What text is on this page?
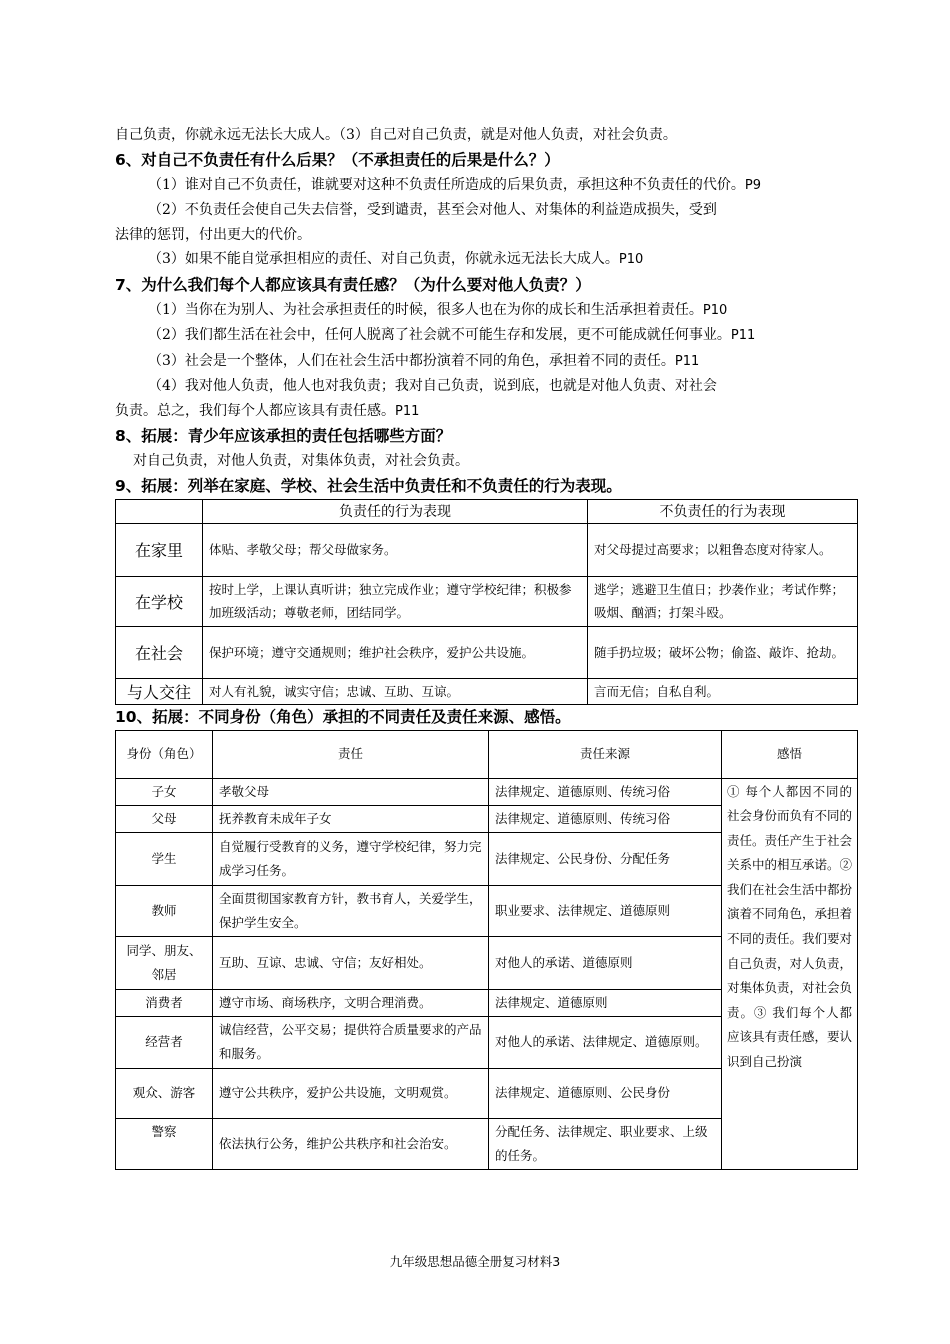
自己负责，你就永远无法长大成人。（3）自己对自己负责，就是对他人负责，对社会负责。
6、对自己不负责任有什么后果？（不承担责任的后果是什么？）
（1）谁对自己不负责任，谁就要对这种不负责任所造成的后果负责，承担这种不负责任的代价。P9
（2）不负责任会使自己失去信誉，受到谴责，甚至会对他人、对集体的利益造成损失，受到
法律的惩罚，付出更大的代价。
（3）如果不能自觉承担相应的责任、对自己负责，你就永远无法长大成人。P10
7、为什么我们每个人都应该具有责任感？（为什么要对他人负责？）
（1）当你在为别人、为社会承担责任的时候，很多人也在为你的成长和生活承担着责任。P10
（2）我们都生活在社会中，任何人脱离了社会就不可能生存和发展，更不可能成就任何事业。P11
（3）社会是一个整体，人们在社会生活中都扮演着不同的角色，承担着不同的责任。P11
（4）我对他人负责，他人也对我负责；我对自己负责，说到底，也就是对他人负责、对社会
负责。总之，我们每个人都应该具有责任感。P11
8、拓展：青少年应该承担的责任包括哪些方面？
对自己负责，对他人负责，对集体负责，对社会负责。
9、拓展：列举在家庭、学校、社会生活中负责任和不负责任的行为表现。
	负责任的行为表现	不负责任的行为表现
在家里	体贴、孝敬父母；帮父母做家务。	对父母提过高要求；以粗鲁态度对待家人。
在学校	按时上学，上课认真听讲；独立完成作业；遵守学校纪律；积极参加班级活动；尊敬老师，团结同学。	逃学；逃避卫生值日；抄袭作业；考试作弊；吸烟、酗酒；打架斗殴。
在社会	保护环境；遵守交通规则；维护社会秩序，爱护公共设施。	随手扔垃圾；破坏公物；偷盗、敲诈、抢劫。
与人交往	对人有礼貌，诚实守信；忠诚、互助、互谅。	言而无信；自私自利。
10、拓展：不同身份（角色）承担的不同责任及责任来源、感悟。
身份（角色）	责任	责任来源	感悟
子女	孝敬父母	法律规定、道德原则、传统习俗	① 每个人都因不同的社会身份而负有不同的责任。责任产生于社会关系中的相互承诺。② 我们在社会生活中都扮演着不同角色，承担着不同的责任。我们要对自己负责，对人负责，对集体负责，对社会负责。③ 我们每个人都应该具有责任感，要认识到自己扮演
父母	抚养教育未成年子女	法律规定、道德原则、传统习俗	
学生	自觉履行受教育的义务，遵守学校纪律，努力完成学习任务。	法律规定、公民身份、分配任务	
教师	全面贯彻国家教育方针，教书育人，关爱学生，保护学生安全。	职业要求、法律规定、道德原则	
同学、朋友、邻居	互助、互谅、忠诚、守信；友好相处。	对他人的承诺、道德原则	
消费者	遵守市场、商场秩序，文明合理消费。	法律规定、道德原则	
经营者	诚信经营，公平交易；提供符合质量要求的产品和服务。	对他人的承诺、法律规定、道德原则。	
观众、游客	遵守公共秩序，爱护公共设施，文明观赏。	法律规定、道德原则、公民身份	
警察	依法执行公务，维护公共秩序和社会治安。	分配任务、法律规定、职业要求、上级的任务。	
九年级思想品德全册复习材料3
